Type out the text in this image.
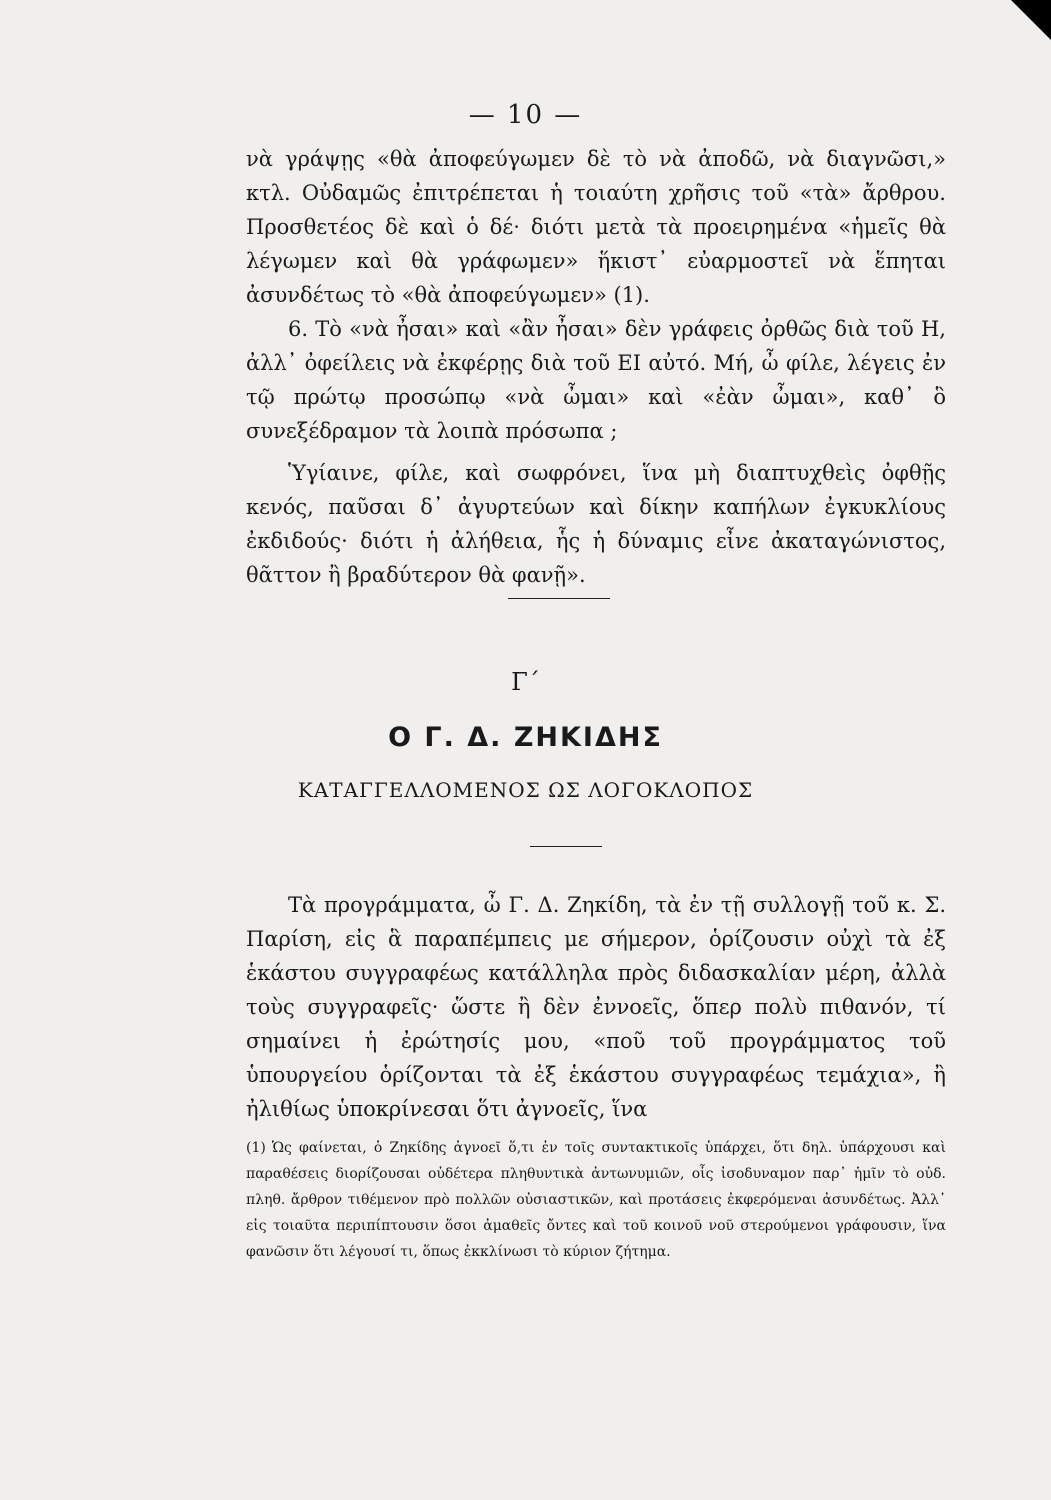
— 10 —

νὰ γράψῃς «θὰ ἀποφεύγωμεν δὲ τὸ νὰ ἀποδῶ, νὰ διαγνῶσι,» κτλ. Οὐδαμῶς ἐπιτρέπεται ἡ τοιαύτη χρῆσις τοῦ «τὰ» ἄρθρου. Προσθετέος δὲ καὶ ὁ δέ· διότι μετὰ τὰ προειρημένα «ἡμεῖς θὰ λέγωμεν καὶ θὰ γράφωμεν» ἥκιστ᾽ εὐαρμοστεῖ νὰ ἕπηται ἀσυνδέτως τὸ «θὰ ἀποφεύγωμεν» (1).

6. Τὸ «νὰ ἦσαι» καὶ «ἂν ἦσαι» δὲν γράφεις ὀρθῶς διὰ τοῦ Η, ἀλλ᾽ ὀφείλεις νὰ ἐκφέρῃς διὰ τοῦ ΕΙ αὐτό. Μή, ὦ φίλε, λέγεις ἐν τῷ πρώτῳ προσώπῳ «νὰ ὦμαι» καὶ «ἐὰν ὦμαι», καθ᾽ ὃ συνεξέδραμον τὰ λοιπὰ πρόσωπα ;

Ὑγίαινε, φίλε, καὶ σωφρόνει, ἵνα μὴ διαπτυχθεὶς ὀφθῇς κενός, παῦσαι δ᾽ ἀγυρτεύων καὶ δίκην καπήλων ἐγκυκλίους ἐκδιδούς· διότι ἡ ἀλήθεια, ἧς ἡ δύναμις εἶνε ἀκαταγώνιστος, θᾶττον ἢ βραδύτερον θὰ φανῇ».

Γ´
Ο Γ. Δ. ΖΗΚΙΔΗΣ
ΚΑΤΑΓΓΕΛΛΟΜΕΝΟΣ ΩΣ ΛΟΓΟΚΛΟΠΟΣ

Τὰ προγράμματα, ὦ Γ. Δ. Ζηκίδη, τὰ ἐν τῇ συλλογῇ τοῦ κ. Σ. Παρίση, εἰς ἃ παραπέμπεις με σήμερον, ὁρίζουσιν οὐχὶ τὰ ἐξ ἑκάστου συγγραφέως κατάλληλα πρὸς διδασκαλίαν μέρη, ἀλλὰ τοὺς συγγραφεῖς· ὥστε ἢ δὲν ἐννοεῖς, ὅπερ πολὺ πιθανόν, τί σημαίνει ἡ ἐρώτησίς μου, «ποῦ τοῦ προγράμματος τοῦ ὑπουργείου ὁρίζονται τὰ ἐξ ἑκάστου συγγραφέως τεμάχια», ἢ ἠλιθίως ὑποκρίνεσαι ὅτι ἀγνοεῖς, ἵνα

(1) Ὡς φαίνεται, ὁ Ζηκίδης ἀγνοεῖ ὅ,τι ἐν τοῖς συντακτικοῖς ὑπάρχει, ὅτι δηλ. ὑπάρχουσι καὶ παραθέσεις διορίζουσαι οὐδέτερα πληθυντικὰ ἀντωνυμιῶν, οἷς ἰσοδυναμον παρ᾽ ἡμῖν τὸ οὐδ. πληθ. ἄρθρον τιθέμενον πρὸ πολλῶν οὐσιαστικῶν, καὶ προτάσεις ἐκφερόμεναι ἀσυνδέτως. Ἀλλ᾽ εἰς τοιαῦτα περιπίπτουσιν ὅσοι ἀμαθεῖς ὄντες καὶ τοῦ κοινοῦ νοῦ στερούμενοι γράφουσιν, ἵνα φανῶσιν ὅτι λέγουσί τι, ὅπως ἐκκλίνωσι τὸ κύριον ζήτημα.
